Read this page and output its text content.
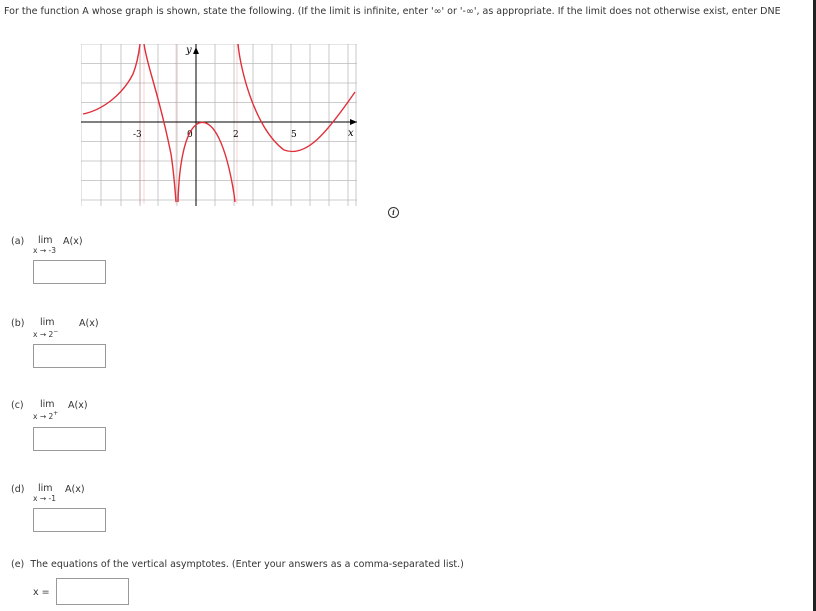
For the function A whose graph is shown, state the following. (If the limit is infinite, enter '∞' or '-∞', as appropriate. If the limit does not otherwise exist, enter DNE
y
x
-3	0	2	5
i
(a) lim
x → -3
A(x)
(b) lim
x → 2−
A(x)
(c) lim
x → 2+
A(x)
(d) lim
x → -1
A(x)
(e) The equations of the vertical asymptotes. (Enter your answers as a comma-separated list.)
x =
